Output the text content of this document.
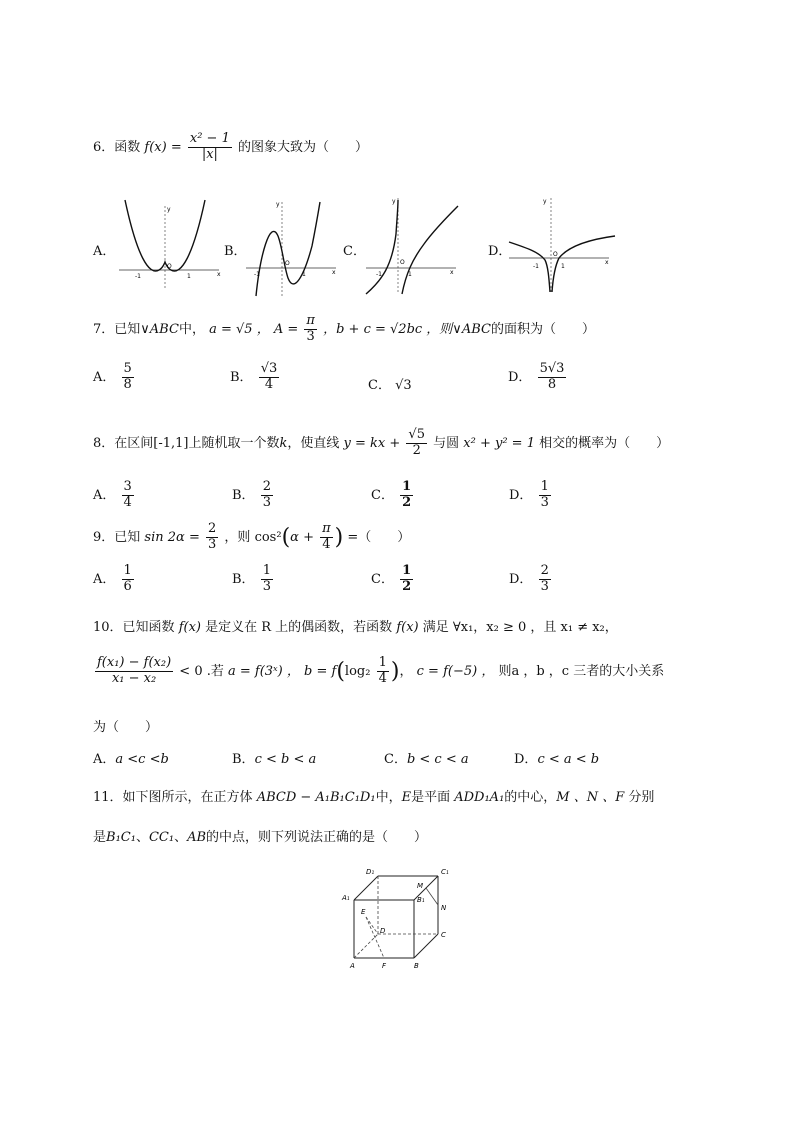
6．函数 $f(x) = \frac{\text{x² − 1}}{|x|}$ 的图象大致为（　　）
A．	B．	C．	D．
y
x
O
-1	1
y
x
O
-1	1
y
x
O
-1	1
y
x
O
-1	1
7．已知∨ABC中， a = √5 ， $A = \frac{\pi}{3}$ ，b + c = √2bc ，则∨ABC的面积为（　　）
A． $\frac{5}{8}$	B． $\frac{√3}{4}$	C． √3
D． $\frac{5√3}{8}$
8．在区间[-1,1]上随机取一个数k，使直线 y = kx + $\frac{√5}{2}$ 与圆 x² + y² = 1 相交的概率为（　　）
A． $\frac{3}{4}$	B． $\frac{2}{3}$	C． $\frac{1}{2}$	D． $\frac{1}{3}$
9．已知 $\sin 2\alpha = \frac{2}{3}$ ，则 $\cos^2(\alpha + \frac{\pi}{4}$ ) =（　　）
A． $\frac{1}{6}$	B． $\frac{1}{3}$	C． $\frac{1}{2}$	D． $\frac{2}{3}$
10．已知函数 f(x) 是定义在 R 上的偶函数，若函数 f(x) 满足 ∀x₁，x₂ ≥ 0 ，且 x₁ ≠ x₂，
$\frac{\text{f(x₁) − f(x₂)}}{\text{x₁ − x₂}} < 0$ .若 a = f(3ˣ) ， $b = f(\log_2 \frac{1}{4}$ )， c = f(−5) ， 则a ，b ，c 三者的大小关系
为（　　）
A．a <c <b	B．c < b < a	C．b < c < a	D．c < a < b
11．如下图所示，在正方体 ABCD − A₁B₁C₁D₁中，E是平面 ADD₁A₁的中心，M 、N 、F 分别
是B₁C₁、CC₁、AB的中点，则下列说法正确的是（　　）
D₁	C₁
A₁	B₁
M
N
E
D	C
A	F	B
